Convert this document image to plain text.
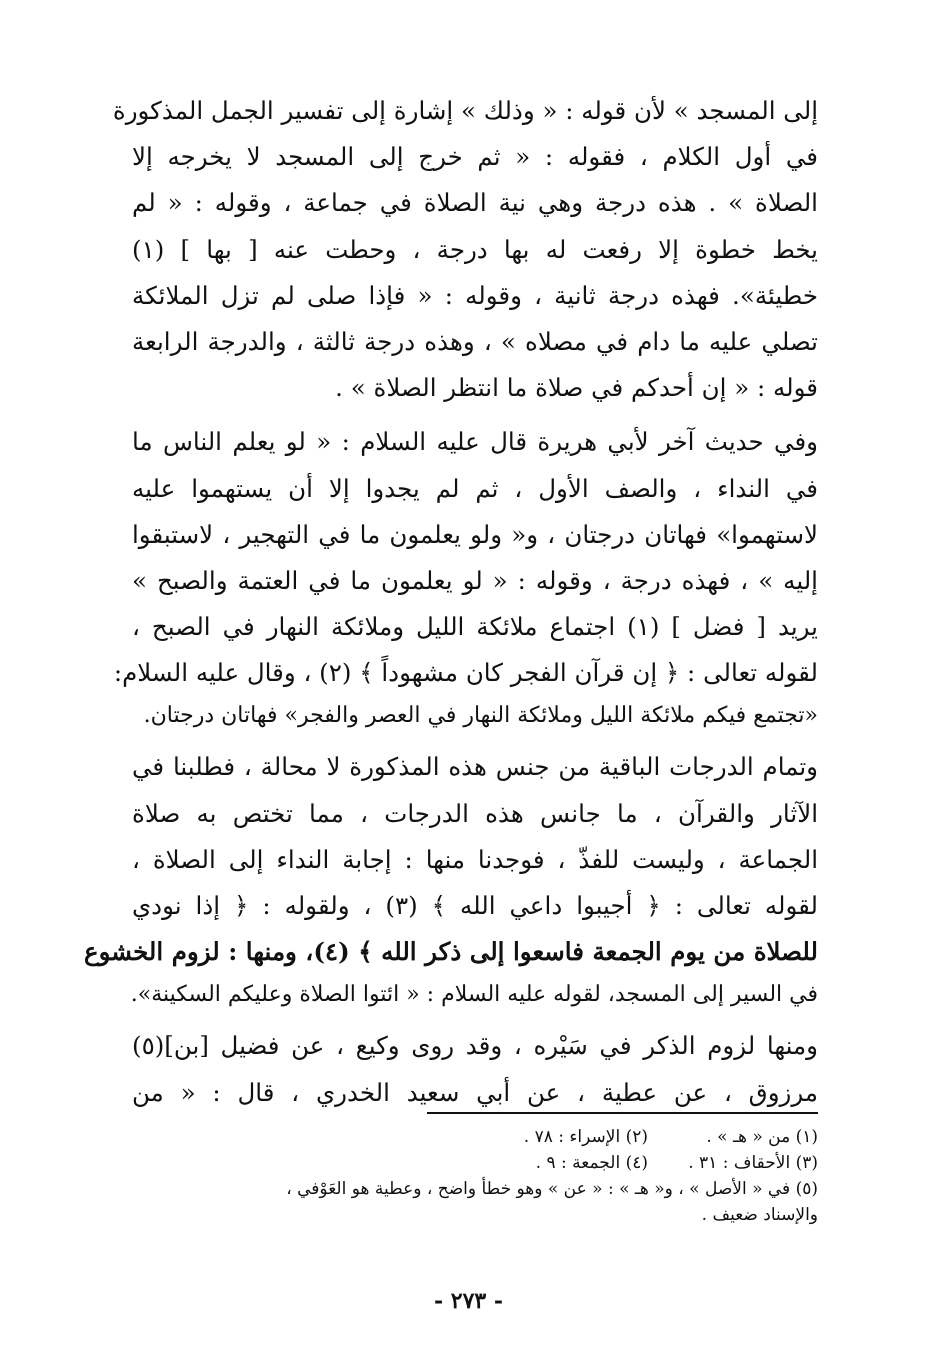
إلى المسجد » لأن قوله : « وذلك » إشارة إلى تفسير الجمل المذكورة
في أول الكلام ، فقوله : « ثم خرج إلى المسجد لا يخرجه إلا
الصلاة » . هذه درجة وهي نية الصلاة في جماعة ، وقوله : « لم
يخط خطوة إلا رفعت له بها درجة ، وحطت عنه [ بها ] (١)
خطيئة». فهذه درجة ثانية ، وقوله : « فإذا صلى لم تزل الملائكة
تصلي عليه ما دام في مصلاه » ، وهذه درجة ثالثة ، والدرجة الرابعة
قوله : « إن أحدكم في صلاة ما انتظر الصلاة » .
وفي حديث آخر لأبي هريرة قال عليه السلام : « لو يعلم الناس ما
في النداء ، والصف الأول ، ثم لم يجدوا إلا أن يستهموا عليه
لاستهموا» فهاتان درجتان ، و« ولو يعلمون ما في التهجير ، لاستبقوا
إليه » ، فهذه درجة ، وقوله : « لو يعلمون ما في العتمة والصبح »
يريد [ فضل ] (١) اجتماع ملائكة الليل وملائكة النهار في الصبح ،
لقوله تعالى : ﴿ إن قرآن الفجر كان مشهوداً ﴾ (٢) ، وقال عليه السلام:
«تجتمع فيكم ملائكة الليل وملائكة النهار في العصر والفجر» فهاتان درجتان.
وتمام الدرجات الباقية من جنس هذه المذكورة لا محالة ، فطلبنا في
الآثار والقرآن ، ما جانس هذه الدرجات ، مما تختص به صلاة
الجماعة ، وليست للفذّ ، فوجدنا منها : إجابة النداء إلى الصلاة ،
لقوله تعالى : ﴿ أجيبوا داعي الله ﴾ (٣) ، ولقوله : ﴿ إذا نودي
للصلاة من يوم الجمعة فاسعوا إلى ذكر الله ﴾ (٤)، ومنها : لزوم الخشوع
في السير إلى المسجد، لقوله عليه السلام : « ائتوا الصلاة وعليكم السكينة».
ومنها لزوم الذكر في سَيْره ، وقد روى وكيع ، عن فضيل [بن](٥)
مرزوق ، عن عطية ، عن أبي سعيد الخدري ، قال : « من
(١) من « هـ » .
(٢) الإسراء : ٧٨ .
(٣) الأحقاف : ٣١ .
(٤) الجمعة : ٩ .
(٥) في « الأصل » ، و« هـ » : « عن » وهو خطأ واضح ، وعطية هو العَوْفي ،
والإسناد ضعيف .
- ٢٧٣ -
